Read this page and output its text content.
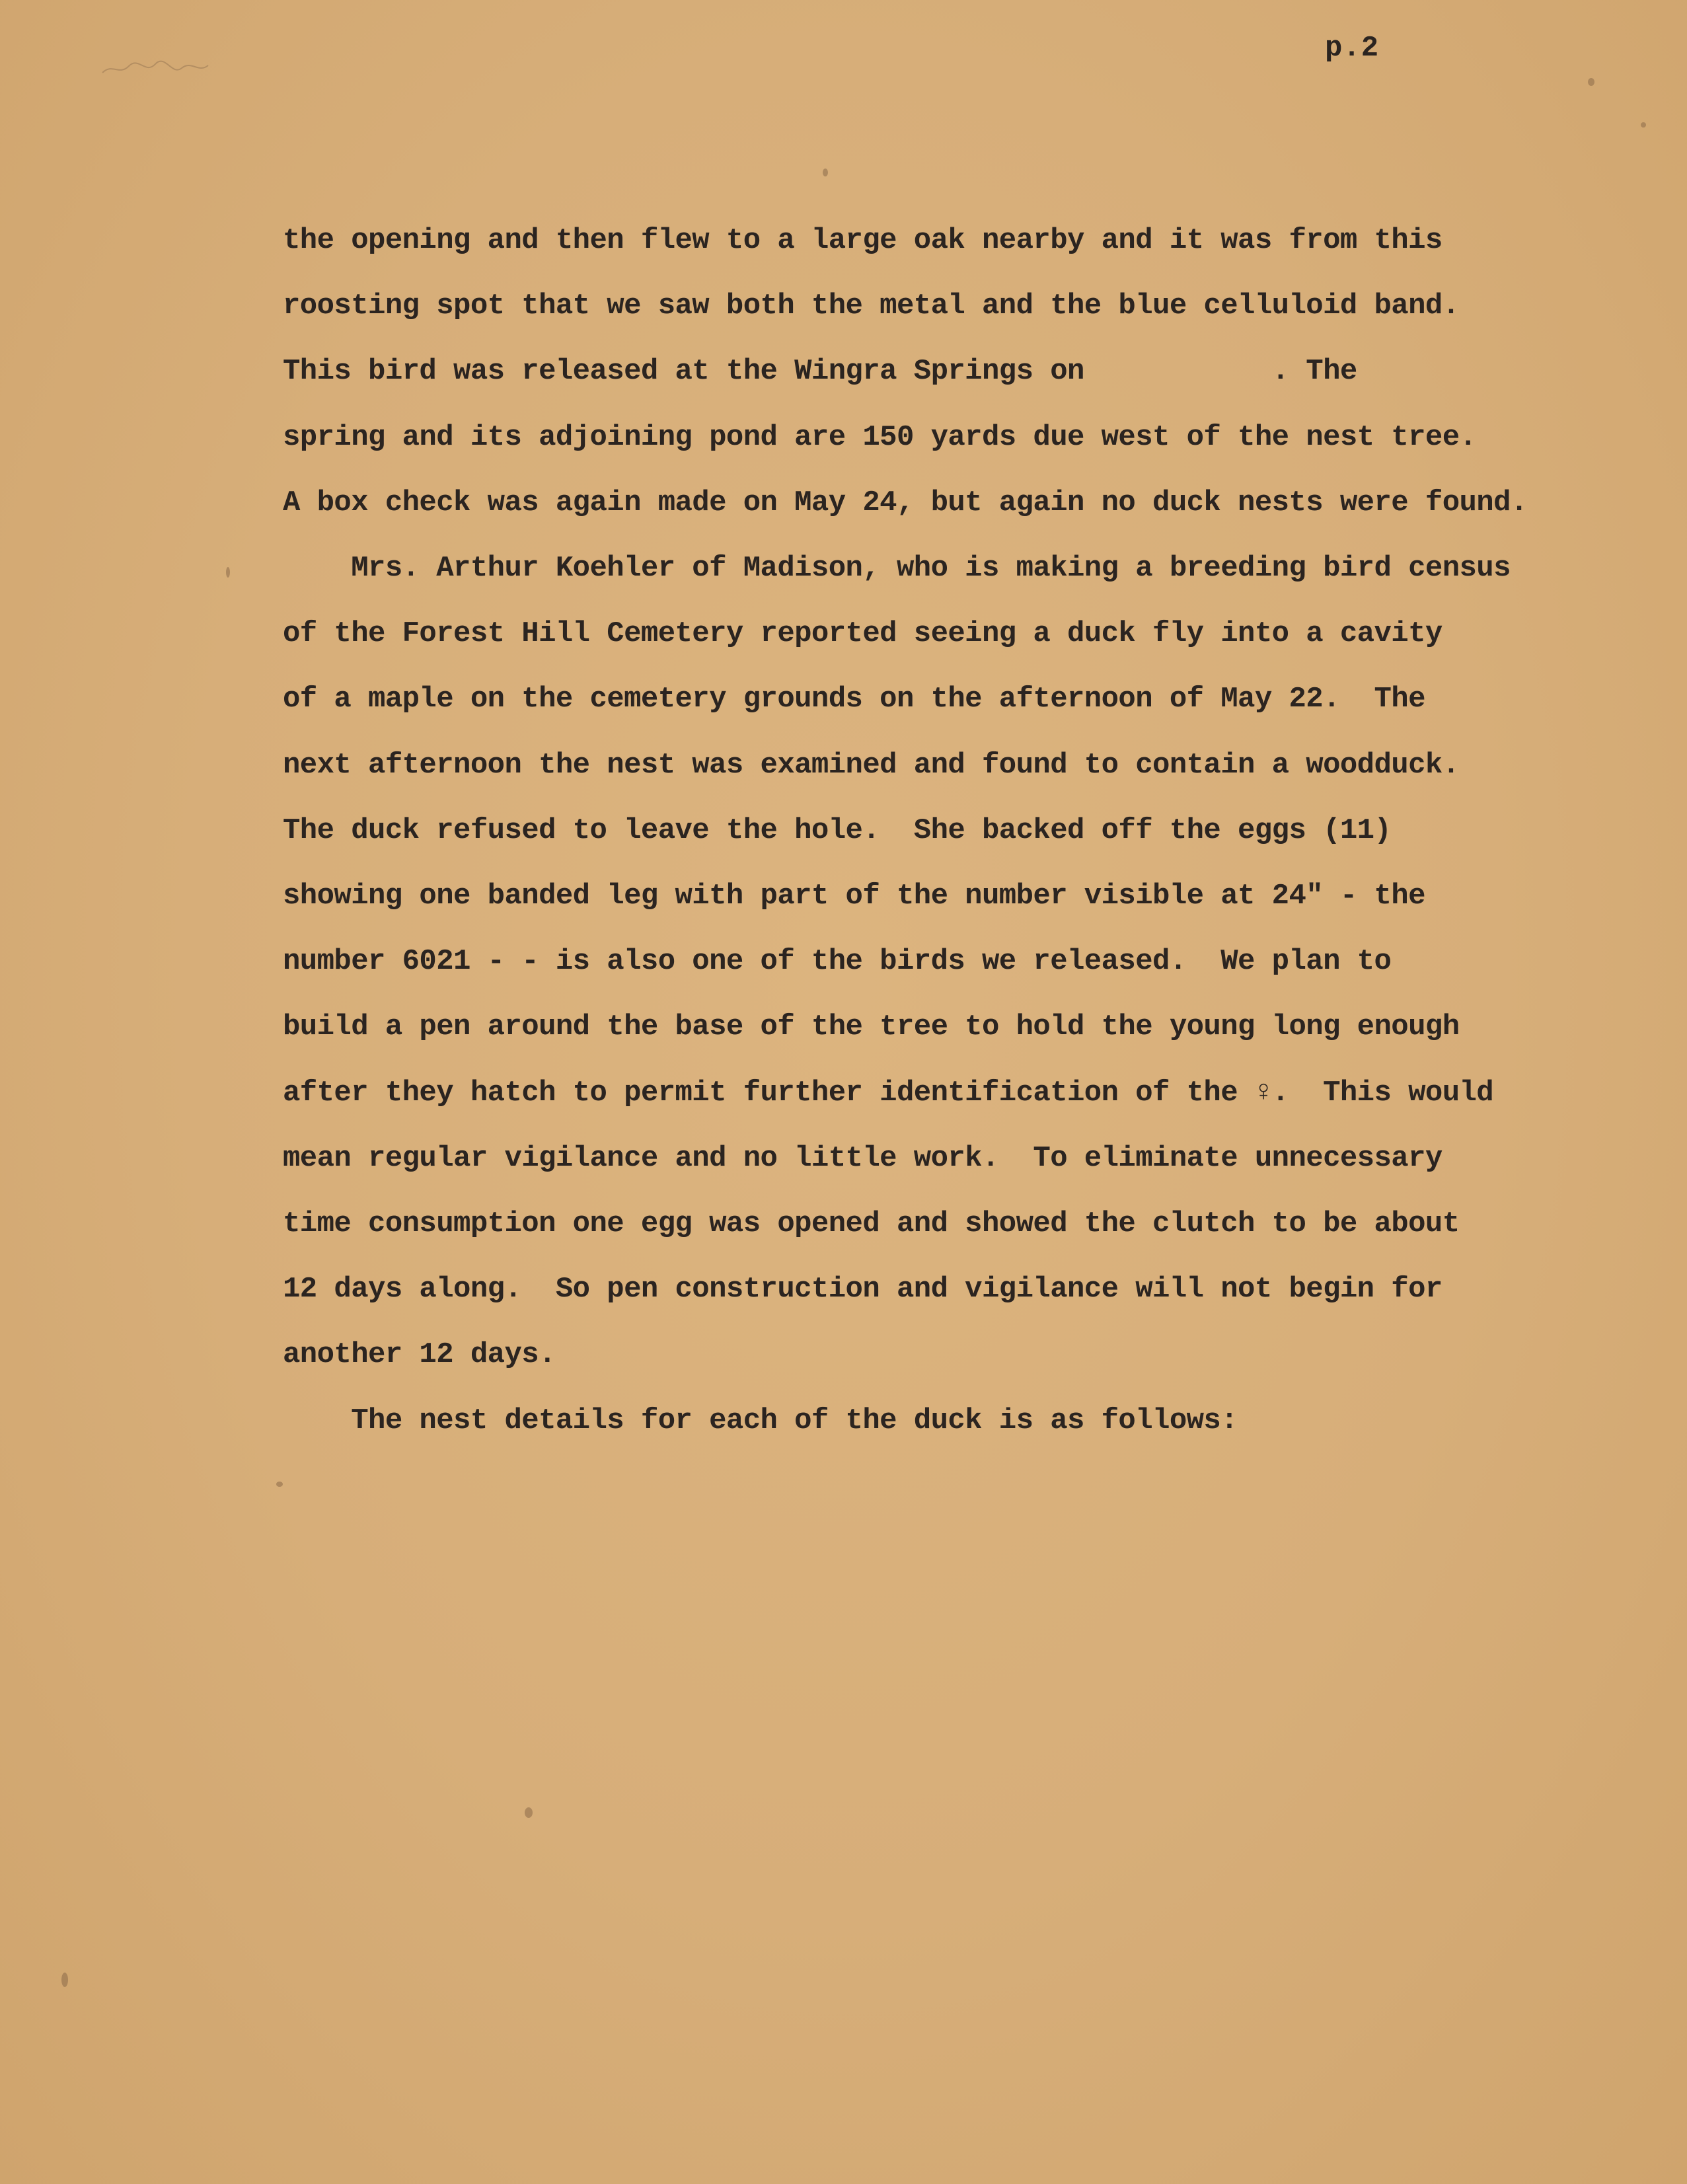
p.2
the opening and then flew to a large oak nearby and it was from this
roosting spot that we saw both the metal and the blue celluloid band.
This bird was released at the Wingra Springs on           . The
spring and its adjoining pond are 150 yards due west of the nest tree.
A box check was again made on May 24, but again no duck nests were found.
Mrs. Arthur Koehler of Madison, who is making a breeding bird census
of the Forest Hill Cemetery reported seeing a duck fly into a cavity
of a maple on the cemetery grounds on the afternoon of May 22.  The
next afternoon the nest was examined and found to contain a woodduck.
The duck refused to leave the hole.  She backed off the eggs (11)
showing one banded leg with part of the number visible at 24" - the
number 6021 - - is also one of the birds we released.  We plan to
build a pen around the base of the tree to hold the young long enough
after they hatch to permit further identification of the ♀.  This would
mean regular vigilance and no little work.  To eliminate unnecessary
time consumption one egg was opened and showed the clutch to be about
12 days along.  So pen construction and vigilance will not begin for
another 12 days.
The nest details for each of the duck is as follows:
